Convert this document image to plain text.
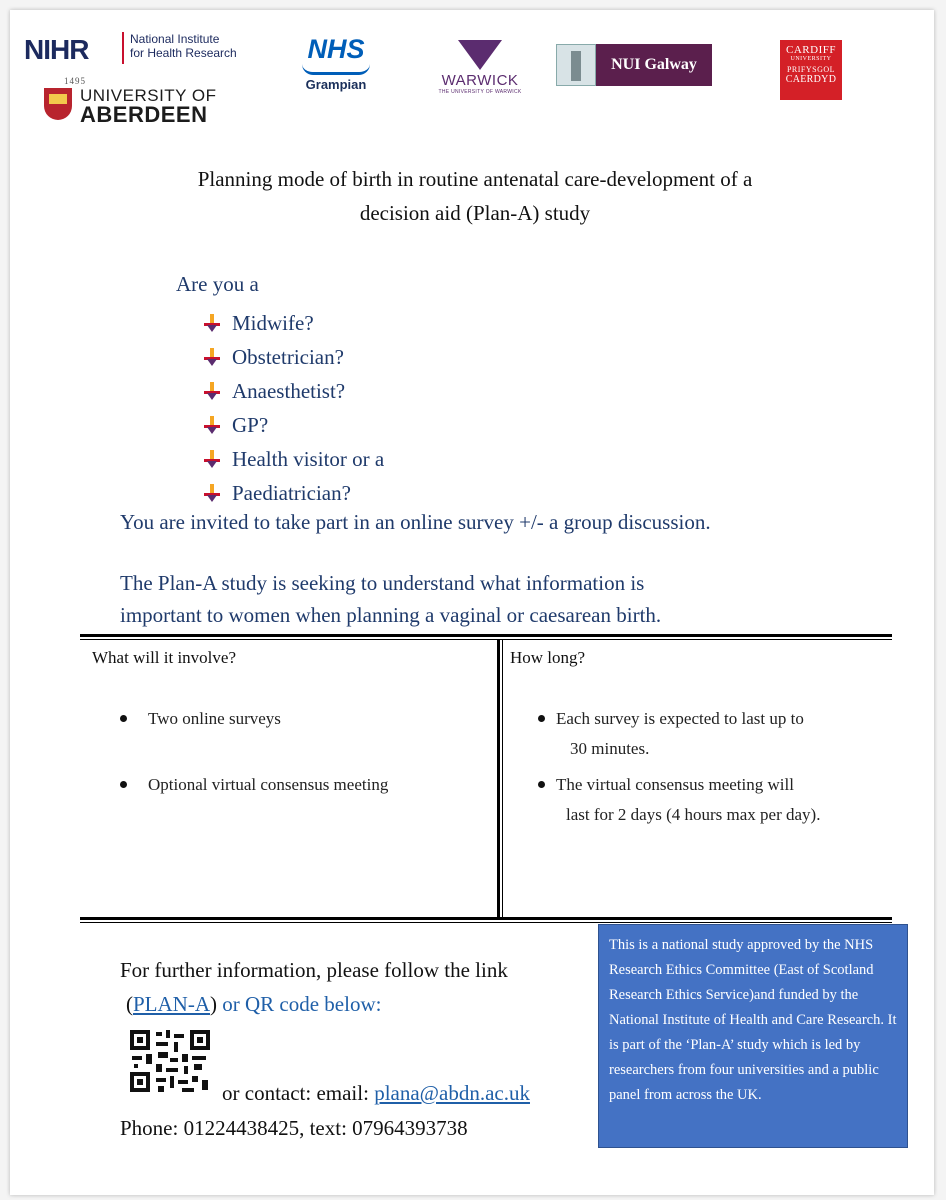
NIHR	National Institute
for Health Research
1495
UNIVERSITY OF
ABERDEEN
NHS
Grampian	WARWICK
THE UNIVERSITY OF WARWICK
NUI Galway
CARDIFF
UNIVERSITY
PRIFYSGOL
CAERDYD
Planning mode of birth in routine antenatal care-development of a
decision aid (Plan-A) study
Are you a
Midwife?
Obstetrician?
Anaesthetist?
GP?
Health visitor or a
Paediatrician?
You are invited to take part in an online survey +/- a group discussion.
The Plan-A study is seeking to understand what information is
important to women when planning a vaginal or caesarean birth.
What will it involve?	How long?
Two online surveys
Optional virtual consensus meeting
Each survey is expected to last up to
30 minutes.
The virtual consensus meeting will
last for 2 days (4 hours max per day).
For further information, please follow the link
(PLAN-A) or QR code below:
or contact: email: plana@abdn.ac.uk
Phone: 01224438425, text: 07964393738
This is a national study approved by the NHS Research Ethics Committee (East of Scotland Research Ethics Service)and funded by the National Institute of Health and Care Research. It is part of the ‘Plan-A’ study which is led by researchers from four universities and a public panel from across the UK.
